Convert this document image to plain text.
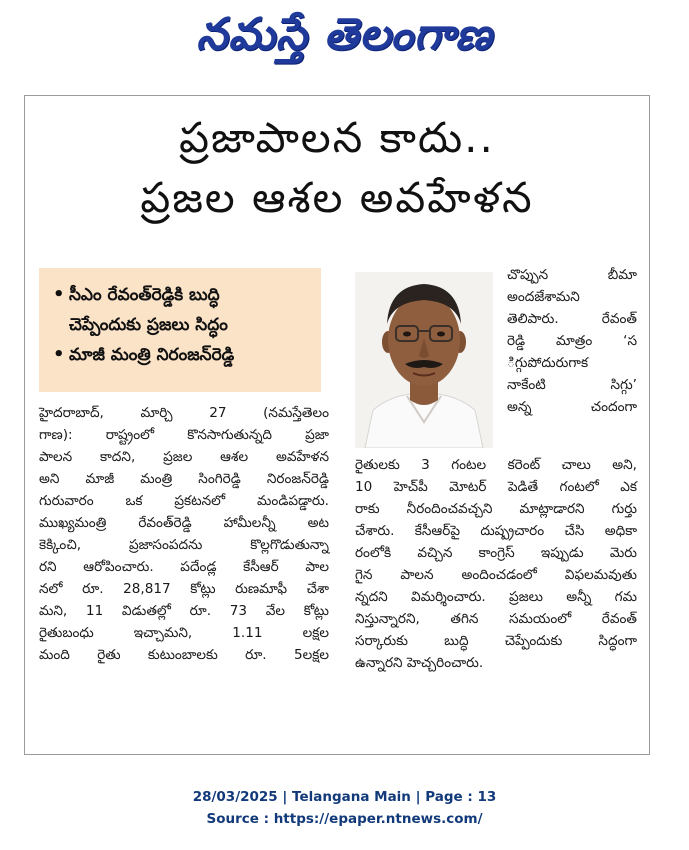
నమస్తే తెలంగాణ
ప్రజాపాలన కాదు..
ప్రజల ఆశల అవహేళన
• సీఎం రేవంత్‌రెడ్డికి బుద్ధి
చెప్పేందుకు ప్రజలు సిద్ధం
• మాజీ మంత్రి నిరంజన్‌రెడ్డి

హైదరాబాద్, మార్చి 27 (నమస్తేతెలం

గాణ): రాష్ట్రంలో కొనసాగుతున్నది ప్రజా

పాలన కాదని, ప్రజల ఆశల అవహేళన

అని మాజీ మంత్రి సింగిరెడ్డి నిరంజన్‌రెడ్డి

గురువారం ఒక ప్రకటనలో మండిపడ్డారు.

ముఖ్యమంత్రి రేవంత్‌రెడ్డి హామీలన్నీ అట

కెక్కించి, ప్రజాసంపదను కొల్లగొడుతున్నా

రని ఆరోపించారు. పదేండ్ల కేసీఆర్ పాల

నలో రూ. 28,817 కోట్లు రుణమాఫీ చేశా

మని, 11 విడుతల్లో రూ. 73 వేల కోట్లు

రైతుబంధు ఇచ్చామని, 1.11 లక్షల

మంది రైతు కుటుంబాలకు రూ. 5లక్షల

చొప్పున బీమా

అందజేశామని

తెలిపారు. రేవంత్

రెడ్డి మాత్రం ‘స

ిగ్గుపోదురుగాక

నాకేంటి సిగ్గు’

అన్న చందంగా

రైతులకు 3 గంటల కరెంట్ చాలు అని,

10 హెచ్‌పీ మోటర్ పెడితే గంటలో ఎక

రాకు నీరందించవచ్చని మాట్లాడారని గుర్తు

చేశారు. కేసీఆర్‌పై దుష్ప్రచారం చేసి అధికా

రంలోకి వచ్చిన కాంగ్రెస్ ఇప్పుడు మెరు

గైన పాలన అందించడంలో విఫలమవుతు

న్నదని విమర్శించారు. ప్రజలు అన్నీ గమ

నిస్తున్నారని, తగిన సమయంలో రేవంత్

సర్కారుకు బుద్ధి చెప్పేందుకు సిద్ధంగా

ఉన్నారని హెచ్చరించారు.

28/03/2025 | Telangana Main | Page : 13
Source : https://epaper.ntnews.com/
